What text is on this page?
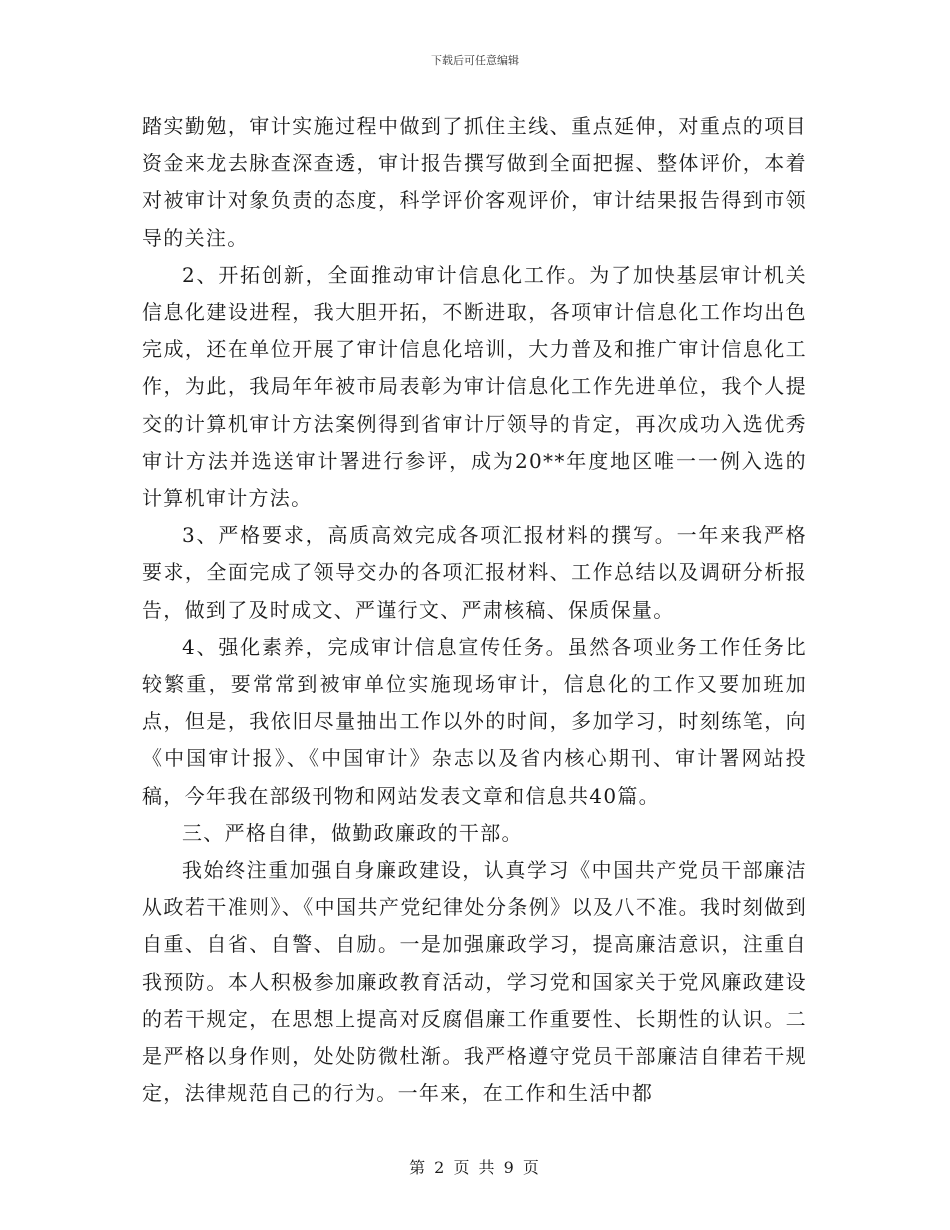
下载后可任意编辑

踏实勤勉，审计实施过程中做到了抓住主线、重点延伸，对重点的项目资金来龙去脉查深查透，审计报告撰写做到全面把握、整体评价，本着对被审计对象负责的态度，科学评价客观评价，审计结果报告得到市领导的关注。

2、开拓创新，全面推动审计信息化工作。为了加快基层审计机关信息化建设进程，我大胆开拓，不断进取，各项审计信息化工作均出色完成，还在单位开展了审计信息化培训，大力普及和推广审计信息化工作，为此，我局年年被市局表彰为审计信息化工作先进单位，我个人提交的计算机审计方法案例得到省审计厅领导的肯定，再次成功入选优秀审计方法并选送审计署进行参评，成为20**年度地区唯一一例入选的计算机审计方法。

3、严格要求，高质高效完成各项汇报材料的撰写。一年来我严格要求，全面完成了领导交办的各项汇报材料、工作总结以及调研分析报告，做到了及时成文、严谨行文、严肃核稿、保质保量。

4、强化素养，完成审计信息宣传任务。虽然各项业务工作任务比较繁重，要常常到被审单位实施现场审计，信息化的工作又要加班加点，但是，我依旧尽量抽出工作以外的时间，多加学习，时刻练笔，向《中国审计报》、《中国审计》杂志以及省内核心期刊、审计署网站投稿，今年我在部级刊物和网站发表文章和信息共40篇。

三、严格自律，做勤政廉政的干部。

我始终注重加强自身廉政建设，认真学习《中国共产党员干部廉洁从政若干准则》、《中国共产党纪律处分条例》以及八不准。我时刻做到自重、自省、自警、自励。一是加强廉政学习，提高廉洁意识，注重自我预防。本人积极参加廉政教育活动，学习党和国家关于党风廉政建设的若干规定，在思想上提高对反腐倡廉工作重要性、长期性的认识。二是严格以身作则，处处防微杜渐。我严格遵守党员干部廉洁自律若干规定，法律规范自己的行为。一年来，在工作和生活中都

第 2 页 共 9 页
